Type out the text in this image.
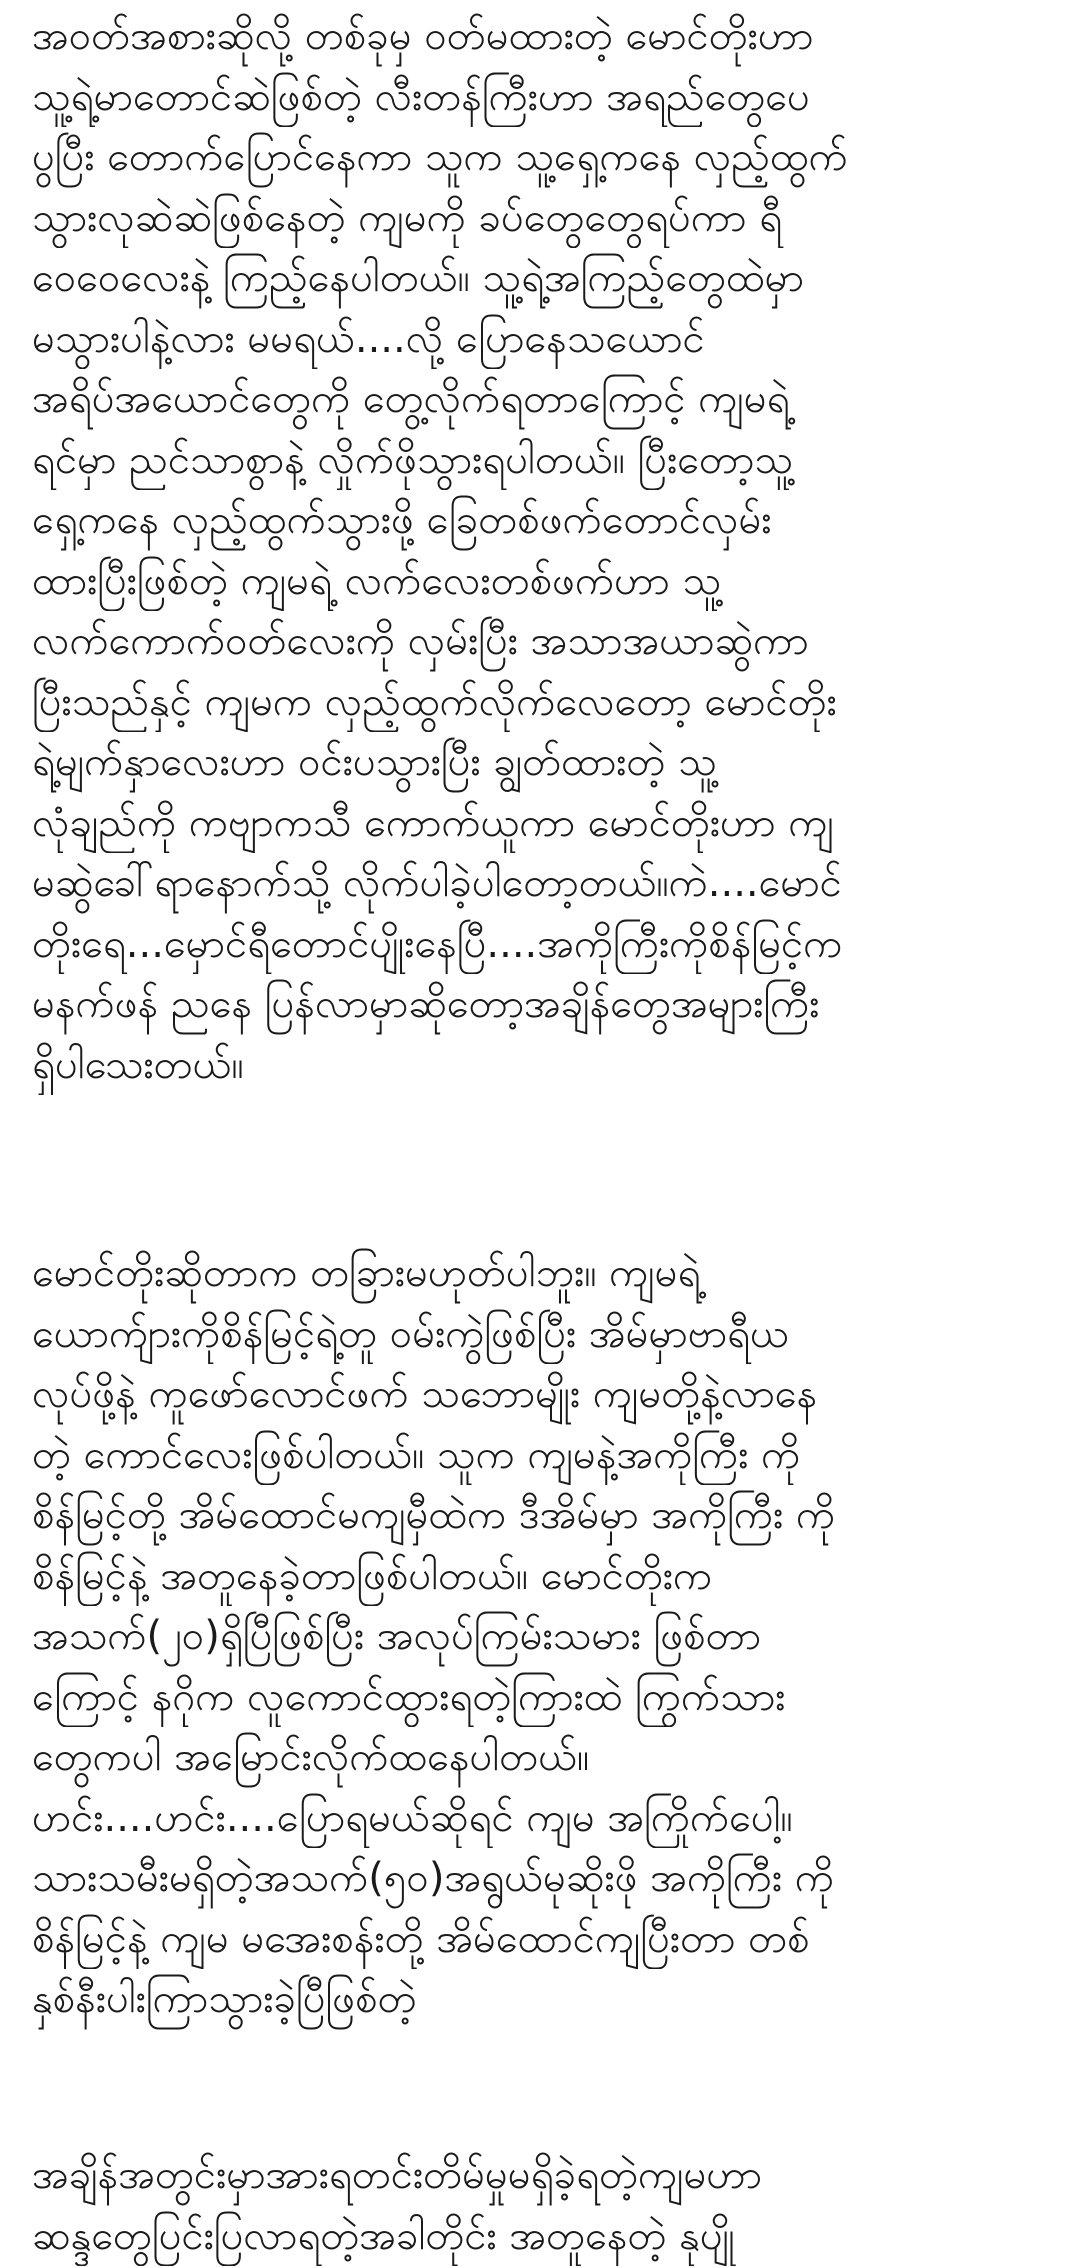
အဝတ်အစားဆိုလို့ တစ်ခုမှ ဝတ်မထားတဲ့ မောင်တိုးဟာ
သူ့ရဲ့မာတောင်ဆဲဖြစ်တဲ့ လီးတန်ကြီးဟာ အရည်တွေပေ
ပွပြီး တောက်ပြောင်နေကာ သူက သူ့ရှေ့ကနေ လှည့်ထွက်
သွားလုဆဲဆဲဖြစ်နေတဲ့ ကျမကို ခပ်တွေတွေရပ်ကာ ရီ
ဝေဝေလေးနဲ့ ကြည့်နေပါတယ်။ သူ့ရဲ့အကြည့်တွေထဲမှာ
မသွားပါနဲ့လား မမရယ်....လို့ ပြောနေသယောင်
အရိပ်အယောင်တွေကို တွေ့လိုက်ရတာကြောင့် ကျမရဲ့
ရင်မှာ ညင်သာစွာနဲ့ လှိုက်ဖိုသွားရပါတယ်။ ပြီးတော့သူ့
ရှေ့ကနေ လှည့်ထွက်သွားဖို့ ခြေတစ်ဖက်တောင်လှမ်း
ထားပြီးဖြစ်တဲ့ ကျမရဲ့ လက်လေးတစ်ဖက်ဟာ သူ့
လက်ကောက်ဝတ်လေးကို လှမ်းပြီး အသာအယာဆွဲကာ
ပြီးသည်နှင့် ကျမက လှည့်ထွက်လိုက်လေတော့ မောင်တိုး
ရဲ့မျက်နှာလေးဟာ ဝင်းပသွားပြီး ချွတ်ထားတဲ့ သူ့
လုံချည်ကို ကဗျာကသီ ကောက်ယူကာ မောင်တိုးဟာ ကျ
မဆွဲခေါ်ရာနောက်သို့ လိုက်ပါခဲ့ပါတော့တယ်။ကဲ....မောင်
တိုးရေ...မှောင်ရီတောင်ပျိုးနေပြီ....အကိုကြီးကိုစိန်မြင့်က
မနက်ဖန် ညနေ ပြန်လာမှာဆိုတော့အချိန်တွေအများကြီး
ရှိပါသေးတယ်။
မောင်တိုးဆိုတာက တခြားမဟုတ်ပါဘူး။ ကျမရဲ့
ယောက်ျားကိုစိန်မြင့်ရဲ့တူ ဝမ်းကွဲဖြစ်ပြီး အိမ်မှာဗာရီယ
လုပ်ဖို့နဲ့ ကူဖော်လောင်ဖက် သဘောမျိုး ကျမတို့နဲ့လာနေ
တဲ့ ကောင်လေးဖြစ်ပါတယ်။ သူက ကျမနဲ့အကိုကြီး ကို
စိန်မြင့်တို့ အိမ်ထောင်မကျမှီထဲက ဒီအိမ်မှာ အကိုကြီး ကို
စိန်မြင့်နဲ့ အတူနေခဲ့တာဖြစ်ပါတယ်။ မောင်တိုးက
အသက်(၂၀)ရှိပြီဖြစ်ပြီး အလုပ်ကြမ်းသမား ဖြစ်တာ
ကြောင့် နဂိုက လူကောင်ထွားရတဲ့ကြားထဲ ကြွက်သား
တွေကပါ အမြောင်းလိုက်ထနေပါတယ်။
ဟင်း....ဟင်း....ပြောရမယ်ဆိုရင် ကျမ အကြိုက်ပေါ့။
သားသမီးမရှိတဲ့အသက်(၅၀)အရွယ်မုဆိုးဖို အကိုကြီး ကို
စိန်မြင့်နဲ့ ကျမ မအေးစန်းတို့ အိမ်ထောင်ကျပြီးတာ တစ်
နှစ်နီးပါးကြာသွားခဲ့ပြီဖြစ်တဲ့
အချိန်အတွင်းမှာအားရတင်းတိမ်မှုမရှိခဲ့ရတဲ့ကျမဟာ
ဆန္ဒတွေပြင်းပြလာရတဲ့အခါတိုင်း အတူနေတဲ့ နုပျို
